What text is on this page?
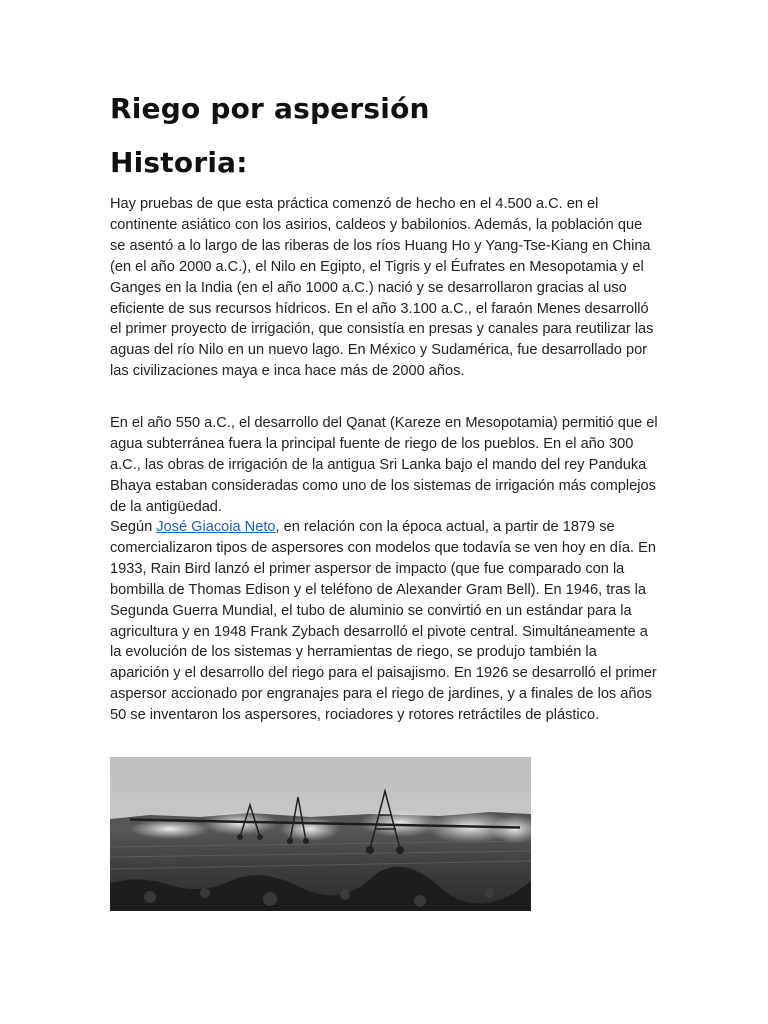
Riego por aspersión
Historia:

Hay pruebas de que esta práctica comenzó de hecho en el 4.500 a.C. en el continente asiático con los asirios, caldeos y babilonios. Además, la población que se asentó a lo largo de las riberas de los ríos Huang Ho y Yang-Tse-Kiang en China (en el año 2000 a.C.), el Nilo en Egipto, el Tigris y el Éufrates en Mesopotamia y el Ganges en la India (en el año 1000 a.C.) nació y se desarrollaron gracias al uso eficiente de sus recursos hídricos. En el año 3.100 a.C., el faraón Menes desarrolló el primer proyecto de irrigación, que consistía en presas y canales para reutilizar las aguas del río Nilo en un nuevo lago. En México y Sudamérica, fue desarrollado por las civilizaciones maya e inca hace más de 2000 años.

En el año 550 a.C., el desarrollo del Qanat (Kareze en Mesopotamia) permitió que el agua subterránea fuera la principal fuente de riego de los pueblos. En el año 300 a.C., las obras de irrigación de la antigua Sri Lanka bajo el mando del rey Panduka Bhaya estaban consideradas como uno de los sistemas de irrigación más complejos de la antigüedad.

Según José Giacoia Neto, en relación con la época actual, a partir de 1879 se comercializaron tipos de aspersores con modelos que todavía se ven hoy en día. En 1933, Rain Bird lanzó el primer aspersor de impacto (que fue comparado con la bombilla de Thomas Edison y el teléfono de Alexander Gram Bell). En 1946, tras la Segunda Guerra Mundial, el tubo de aluminio se convirtió en un estándar para la agricultura y en 1948 Frank Zybach desarrolló el pivote central. Simultáneamente a la evolución de los sistemas y herramientas de riego, se produjo también la aparición y el desarrollo del riego para el paisajismo. En 1926 se desarrolló el primer aspersor accionado por engranajes para el riego de jardines, y a finales de los años 50 se inventaron los aspersores, rociadores y rotores retráctiles de plástico.
